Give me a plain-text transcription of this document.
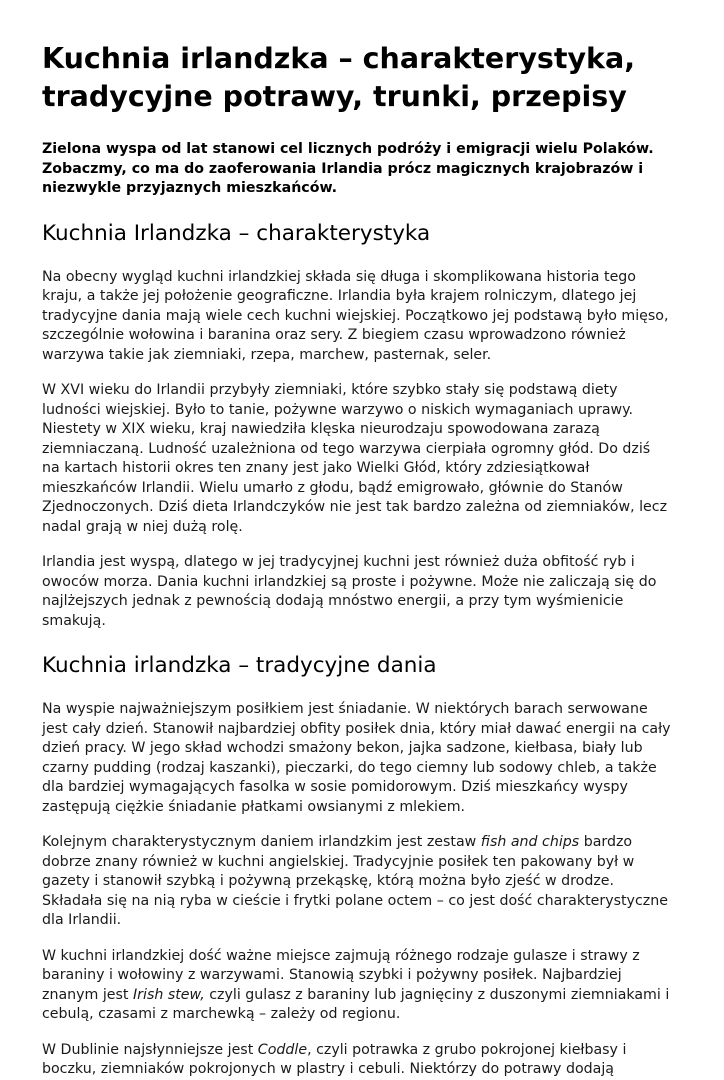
Kuchnia irlandzka – charakterystyka,
tradycyjne potrawy, trunki, przepisy

Zielona wyspa od lat stanowi cel licznych podróży i emigracji wielu Polaków.
Zobaczmy, co ma do zaoferowania Irlandia prócz magicznych krajobrazów i
niezwykle przyjaznych mieszkańców.

Kuchnia Irlandzka – charakterystyka

Na obecny wygląd kuchni irlandzkiej składa się długa i skomplikowana historia tego
kraju, a także jej położenie geograficzne. Irlandia była krajem rolniczym, dlatego jej
tradycyjne dania mają wiele cech kuchni wiejskiej. Początkowo jej podstawą było mięso,
szczególnie wołowina i baranina oraz sery. Z biegiem czasu wprowadzono również
warzywa takie jak ziemniaki, rzepa, marchew, pasternak, seler.

W XVI wieku do Irlandii przybyły ziemniaki, które szybko stały się podstawą diety
ludności wiejskiej. Było to tanie, pożywne warzywo o niskich wymaganiach uprawy.
Niestety w XIX wieku, kraj nawiedziła klęska nieurodzaju spowodowana zarazą
ziemniaczaną. Ludność uzależniona od tego warzywa cierpiała ogromny głód. Do dziś
na kartach historii okres ten znany jest jako Wielki Głód, który zdziesiątkował
mieszkańców Irlandii. Wielu umarło z głodu, bądź emigrowało, głównie do Stanów
Zjednoczonych. Dziś dieta Irlandczyków nie jest tak bardzo zależna od ziemniaków, lecz
nadal grają w niej dużą rolę.

Irlandia jest wyspą, dlatego w jej tradycyjnej kuchni jest również duża obfitość ryb i
owoców morza. Dania kuchni irlandzkiej są proste i pożywne. Może nie zaliczają się do
najlżejszych jednak z pewnością dodają mnóstwo energii, a przy tym wyśmienicie
smakują.

Kuchnia irlandzka – tradycyjne dania

Na wyspie najważniejszym posiłkiem jest śniadanie. W niektórych barach serwowane
jest cały dzień. Stanowił najbardziej obfity posiłek dnia, który miał dawać energii na cały
dzień pracy. W jego skład wchodzi smażony bekon, jajka sadzone, kiełbasa, biały lub
czarny pudding (rodzaj kaszanki), pieczarki, do tego ciemny lub sodowy chleb, a także
dla bardziej wymagających fasolka w sosie pomidorowym. Dziś mieszkańcy wyspy
zastępują ciężkie śniadanie płatkami owsianymi z mlekiem.

Kolejnym charakterystycznym daniem irlandzkim jest zestaw fish and chips bardzo
dobrze znany również w kuchni angielskiej. Tradycyjnie posiłek ten pakowany był w
gazety i stanowił szybką i pożywną przekąskę, którą można było zjeść w drodze.
Składała się na nią ryba w cieście i frytki polane octem – co jest dość charakterystyczne
dla Irlandii.

W kuchni irlandzkiej dość ważne miejsce zajmują różnego rodzaje gulasze i strawy z
baraniny i wołowiny z warzywami. Stanowią szybki i pożywny posiłek. Najbardziej
znanym jest Irish stew, czyli gulasz z baraniny lub jagnięciny z duszonymi ziemniakami i
cebulą, czasami z marchewką – zależy od regionu.

W Dublinie najsłynniejsze jest Coddle, czyli potrawka z grubo pokrojonej kiełbasy i
boczku, ziemniaków pokrojonych w plastry i cebuli. Niektórzy do potrawy dodają
